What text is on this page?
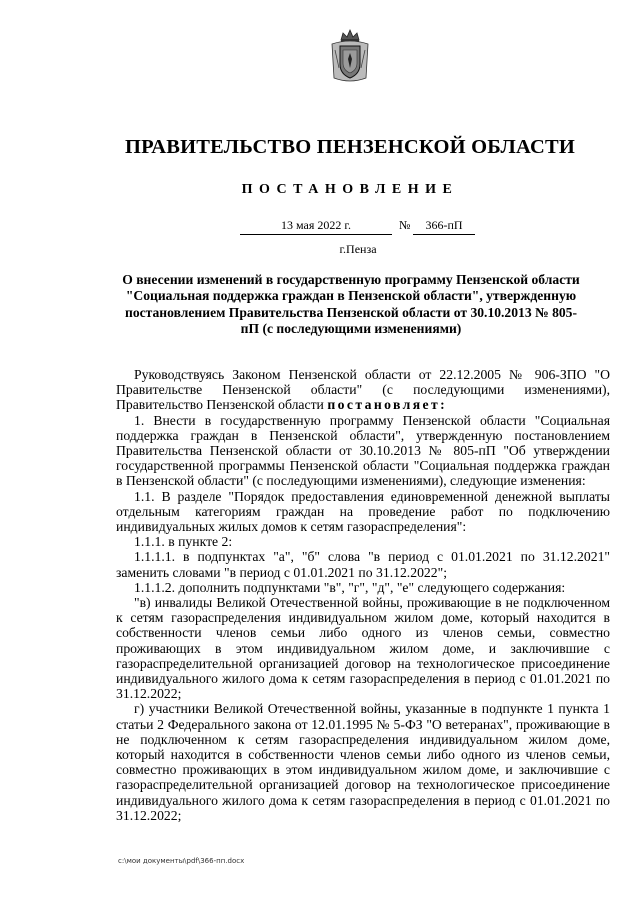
ПРАВИТЕЛЬСТВО ПЕНЗЕНСКОЙ ОБЛАСТИ
ПОСТАНОВЛЕНИЕ
13 мая 2022 г.	№	366-пП
г.Пенза
О внесении изменений в государственную программу Пензенской области "Социальная поддержка граждан в Пензенской области", утвержденную постановлением Правительства Пензенской области от 30.10.2013 № 805-пП (с последующими изменениями)

Руководствуясь Законом Пензенской области от 22.12.2005 № 906-ЗПО "О Правительстве Пензенской области" (с последующими изменениями), Правительство Пензенской области постановляет:

1. Внести в государственную программу Пензенской области "Социальная поддержка граждан в Пензенской области", утвержденную постановлением Правительства Пензенской области от 30.10.2013 № 805-пП "Об утверждении государственной программы Пензенской области "Социальная поддержка граждан в Пензенской области" (с последующими изменениями), следующие изменения:

1.1. В разделе "Порядок предоставления единовременной денежной выплаты отдельным категориям граждан на проведение работ по подключению индивидуальных жилых домов к сетям газораспределения":

1.1.1. в пункте 2:

1.1.1.1. в подпунктах "а", "б" слова "в период с 01.01.2021 по 31.12.2021" заменить словами "в период с 01.01.2021 по 31.12.2022";

1.1.1.2. дополнить подпунктами "в", "г", "д", "е" следующего содержания:

"в) инвалиды Великой Отечественной войны, проживающие в не подключенном к сетям газораспределения индивидуальном жилом доме, который находится в собственности членов семьи либо одного из членов семьи, совместно проживающих в этом индивидуальном жилом доме, и заключившие с газораспределительной организацией договор на технологическое присоединение индивидуального жилого дома к сетям газораспределения в период с 01.01.2021 по 31.12.2022;

г) участники Великой Отечественной войны, указанные в подпункте 1 пункта 1 статьи 2 Федерального закона от 12.01.1995 № 5-ФЗ "О ветеранах", проживающие в не подключенном к сетям газораспределения индивидуальном жилом доме, который находится в собственности членов семьи либо одного из членов семьи, совместно проживающих в этом индивидуальном жилом доме, и заключившие с газораспределительной организацией договор на технологическое присоединение индивидуального жилого дома к сетям газораспределения в период с 01.01.2021 по 31.12.2022;

c:\мои документы\pdf\366-пп.docx
